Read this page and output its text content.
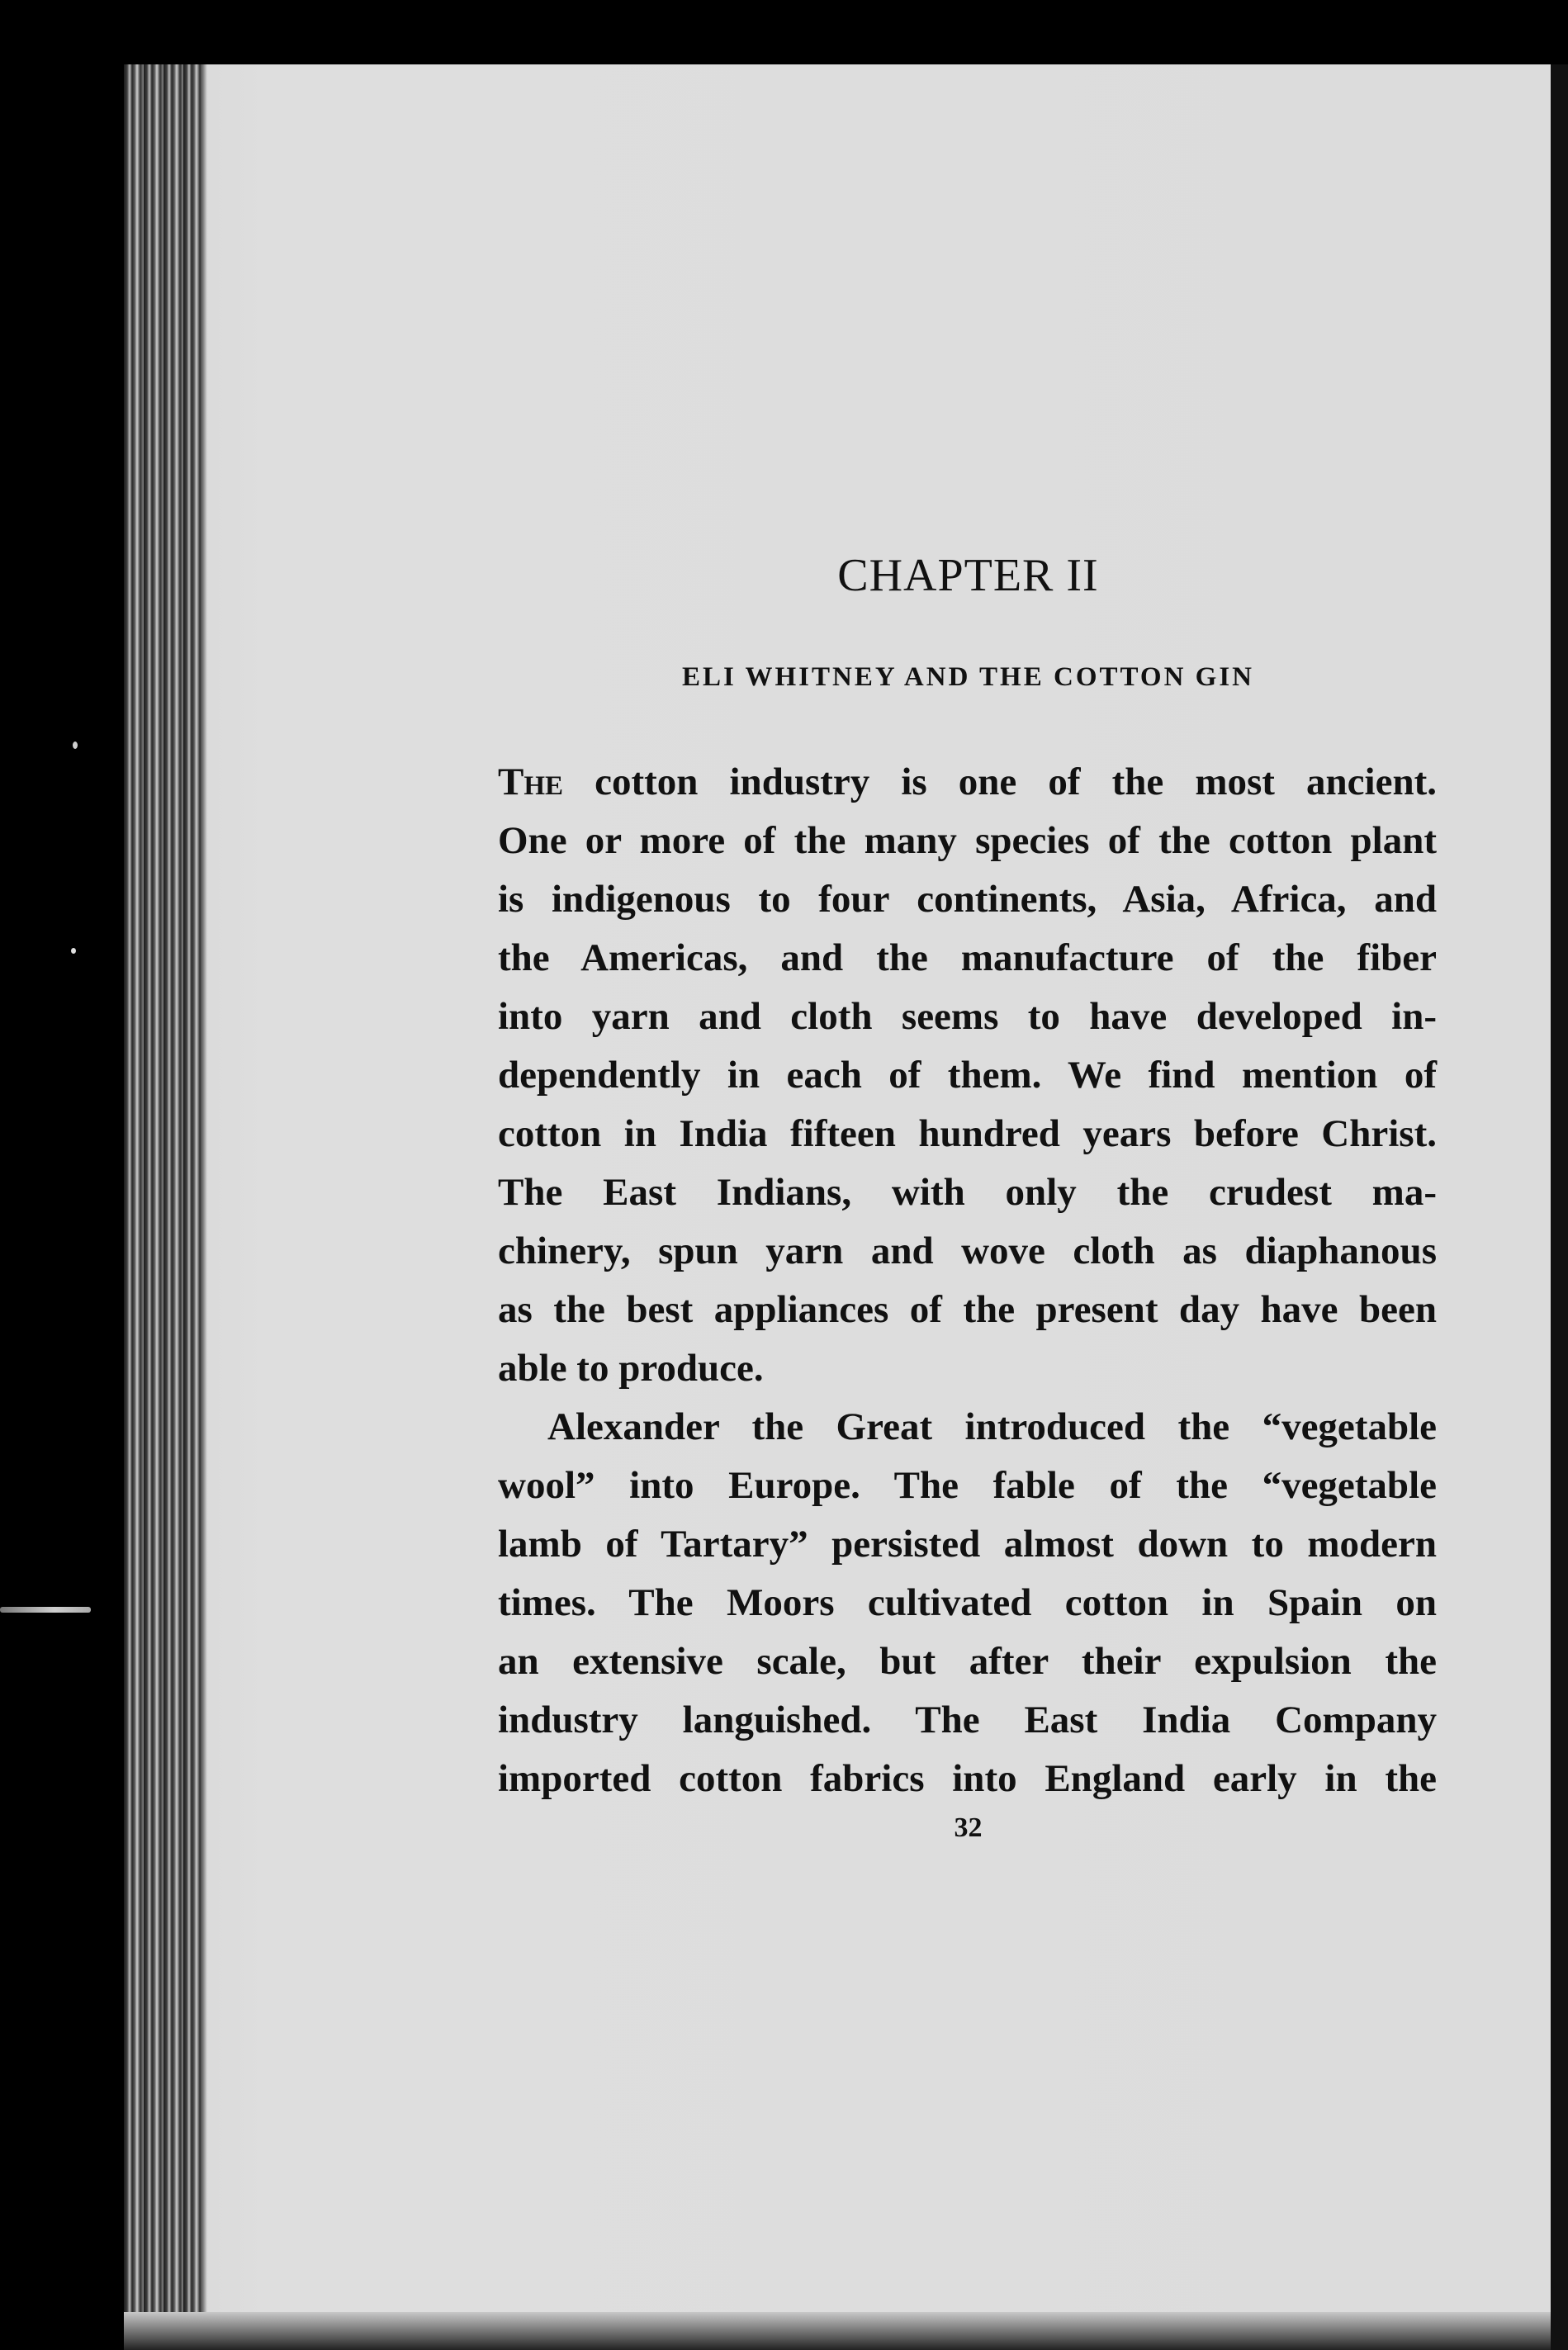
CHAPTER II
ELI WHITNEY AND THE COTTON GIN
The cotton industry is one of the most ancient.
One or more of the many species of the cotton plant
is indigenous to four continents, Asia, Africa, and
the Americas, and the manufacture of the fiber
into yarn and cloth seems to have developed in-
dependently in each of them. We find mention of
cotton in India fifteen hundred years before Christ.
The East Indians, with only the crudest ma-
chinery, spun yarn and wove cloth as diaphanous
as the best appliances of the present day have been
able to produce.
Alexander the Great introduced the “vegetable
wool” into Europe. The fable of the “vegetable
lamb of Tartary” persisted almost down to modern
times. The Moors cultivated cotton in Spain on
an extensive scale, but after their expulsion the
industry languished. The East India Company
imported cotton fabrics into England early in the
32
